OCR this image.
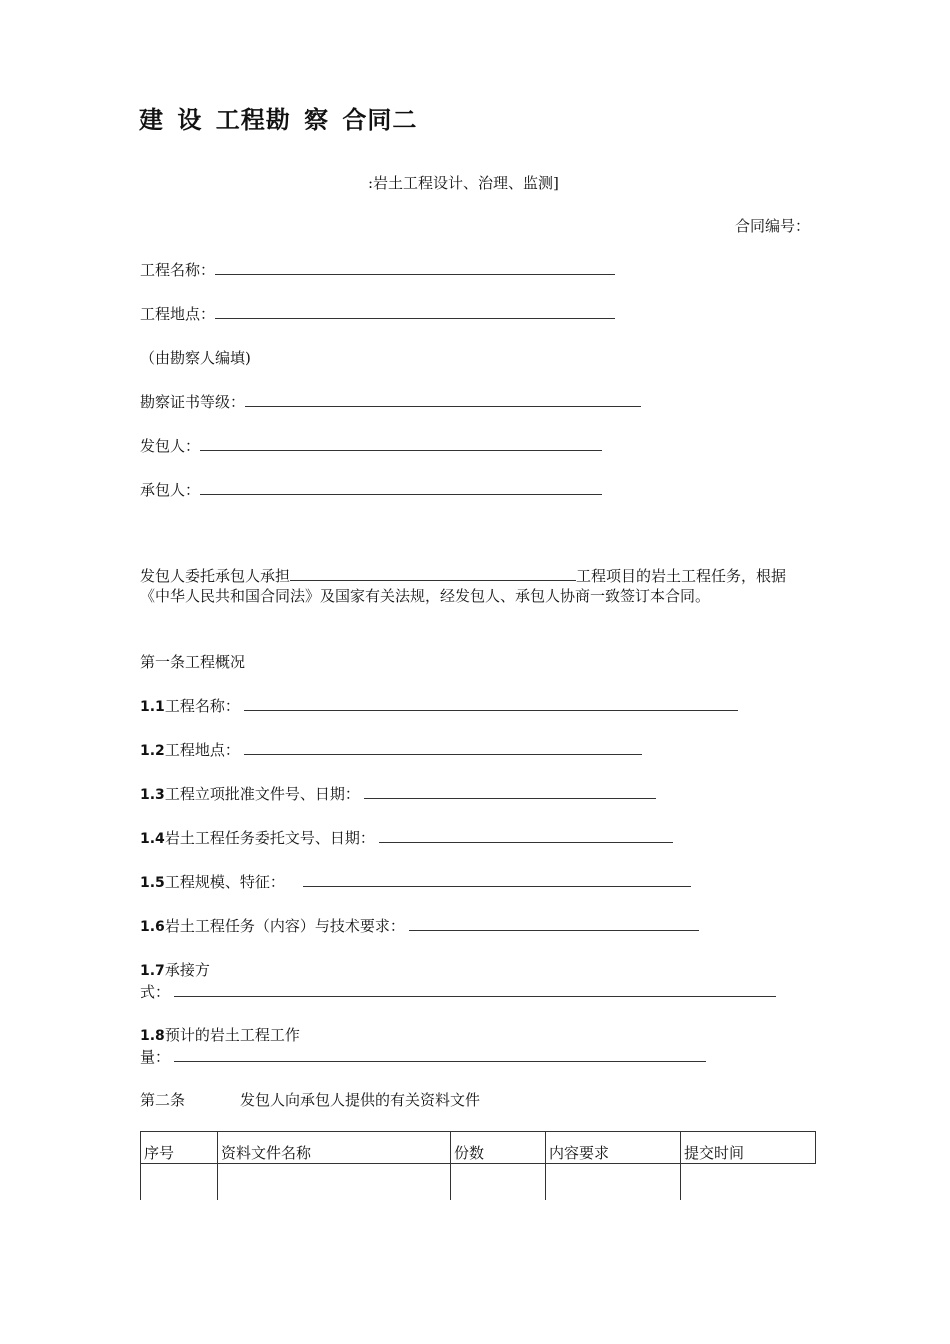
建 设 工程勘 察 合同二
:岩土工程设计、治理、监测]
合同编号：
工程名称：
工程地点：
（由勘察人编填)
勘察证书等级：
发包人：
承包人：
发包人委托承包人承担	工程项目的岩土工程任务，根据《中华人民共和国合同法》及国家有关法规，经发包人、承包人协商一致签订本合同。
第一条工程概况
1.1工程名称：
1.2工程地点：
1.3工程立项批准文件号、日期：
1.4岩土工程任务委托文号、日期：
1.5工程规模、特征：
1.6岩土工程任务（内容）与技术要求：
1.7承接方
式：
1.8预计的岩土工程工作
量：
第二条	发包人向承包人提供的有关资料文件
序号	资料文件名称	份数	内容要求	提交时间
